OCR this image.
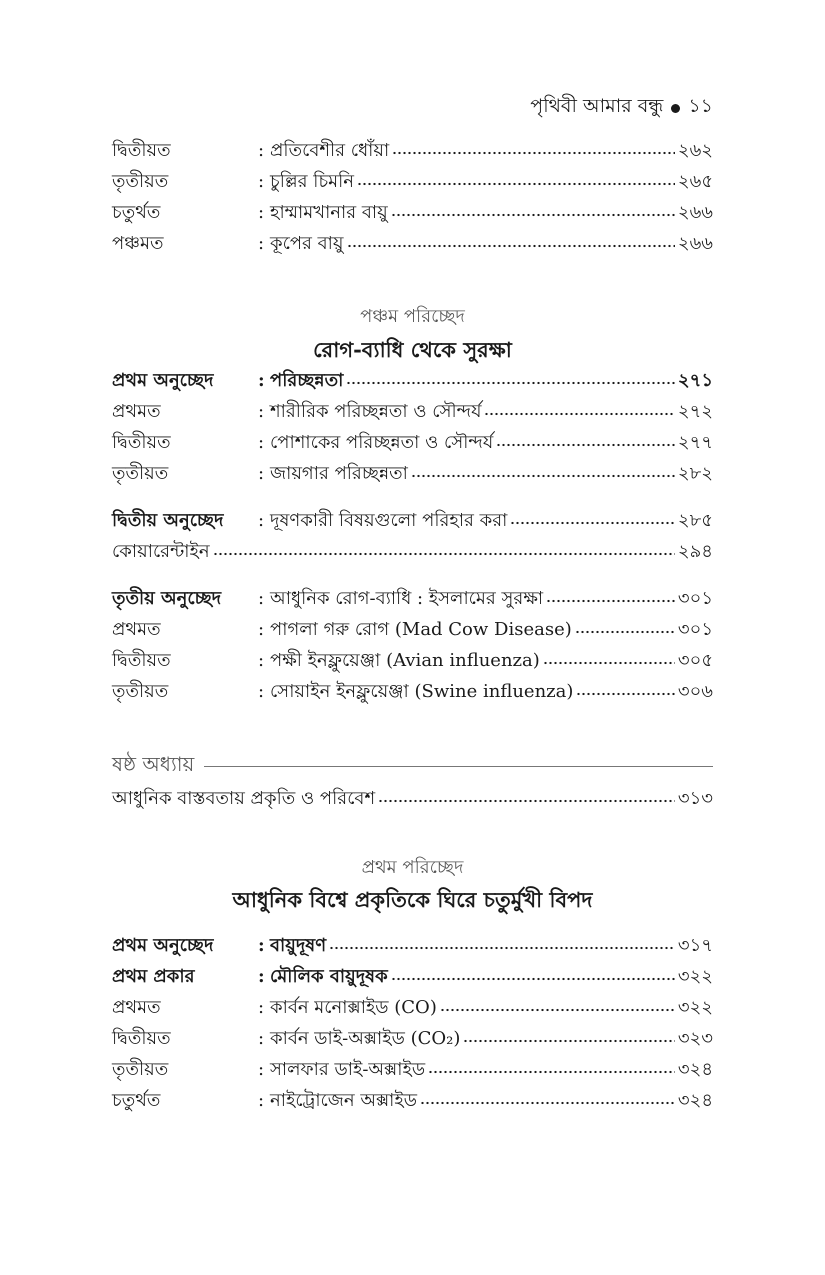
পৃথিবী আমার বন্ধু ১১
দ্বিতীয়ত	: প্রতিবেশীর ধোঁয়া	২৬২
তৃতীয়ত	: চুল্লির চিমনি	২৬৫
চতুর্থত	: হাম্মামখানার বায়ু	২৬৬
পঞ্চমত	: কূপের বায়ু	২৬৬
পঞ্চম পরিচ্ছেদ
রোগ-ব্যাধি থেকে সুরক্ষা
প্রথম অনুচ্ছেদ	: পরিচ্ছন্নতা	২৭১
প্রথমত	: শারীরিক পরিচ্ছন্নতা ও সৌন্দর্য	২৭২
দ্বিতীয়ত	: পোশাকের পরিচ্ছন্নতা ও সৌন্দর্য	২৭৭
তৃতীয়ত	: জায়গার পরিচ্ছন্নতা	২৮২
দ্বিতীয় অনুচ্ছেদ	: দূষণকারী বিষয়গুলো পরিহার করা	২৮৫
কোয়ারেন্টাইন	২৯৪
তৃতীয় অনুচ্ছেদ	: আধুনিক রোগ-ব্যাধি : ইসলামের সুরক্ষা	৩০১
প্রথমত	: পাগলা গরু রোগ (Mad Cow Disease)	৩০১
দ্বিতীয়ত	: পক্ষী ইনফ্লুয়েঞ্জা (Avian influenza)	৩০৫
তৃতীয়ত	: সোয়াইন ইনফ্লুয়েঞ্জা (Swine influenza)	৩০৬
ষষ্ঠ অধ্যায়
আধুনিক বাস্তবতায় প্রকৃতি ও পরিবেশ	৩১৩
প্রথম পরিচ্ছেদ
আধুনিক বিশ্বে প্রকৃতিকে ঘিরে চতুর্মুখী বিপদ
প্রথম অনুচ্ছেদ	: বায়ুদূষণ	৩১৭
প্রথম প্রকার	: মৌলিক বায়ুদূষক	৩২২
প্রথমত	: কার্বন মনোক্সাইড (CO)	৩২২
দ্বিতীয়ত	: কার্বন ডাই-অক্সাইড (CO₂)	৩২৩
তৃতীয়ত	: সালফার ডাই-অক্সাইড	৩২৪
চতুর্থত	: নাইট্রোজেন অক্সাইড	৩২৪
